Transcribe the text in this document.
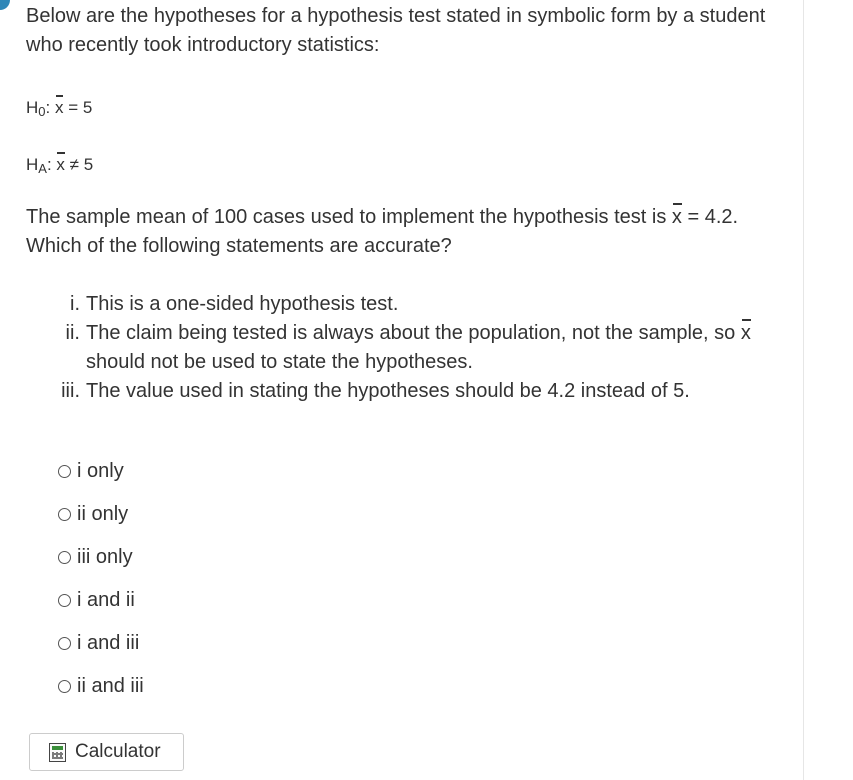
Below are the hypotheses for a hypothesis test stated in symbolic form by a student who recently took introductory statistics:

$H_0$: x = 5

$H_A$: x ≠ 5

The sample mean of 100 cases used to implement the hypothesis test is x = 4.2. Which of the following statements are accurate?

i. This is a one-sided hypothesis test.
ii. The claim being tested is always about the population, not the sample, so x should not be used to state the hypotheses.
iii. The value used in stating the hypotheses should be 4.2 instead of 5.
i only
ii only
iii only
i and ii
i and iii
ii and iii
Calculator
